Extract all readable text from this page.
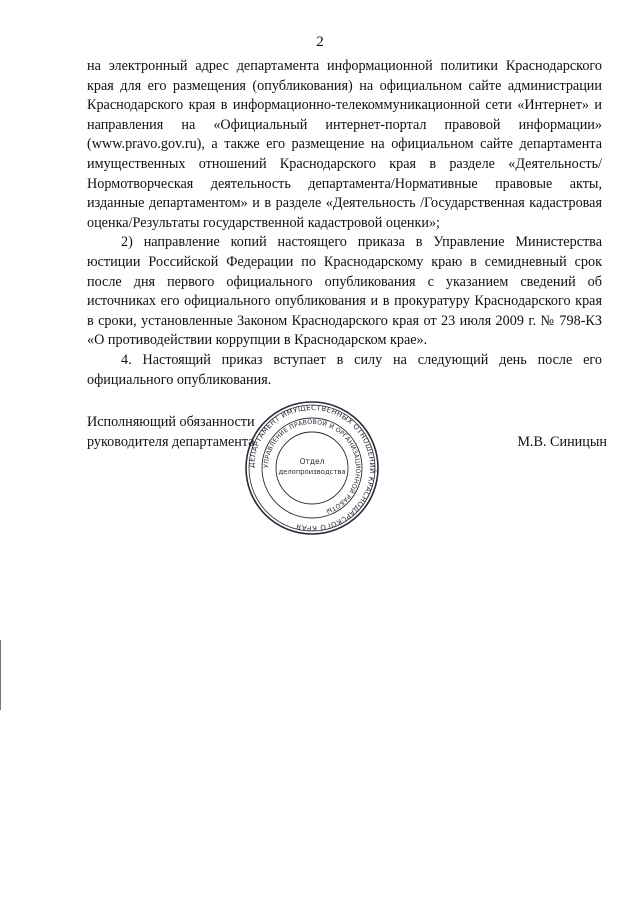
2

на электронный адрес департамента информационной политики Краснодарского края для его размещения (опубликования) на официальном сайте администрации Краснодарского края в информационно-телекоммуникационной сети «Интернет» и направления на «Официальный интернет-портал правовой информации» (www.pravo.gov.ru), а также его размещение на официальном сайте департамента имущественных отношений Краснодарского края в разделе «Деятельность/Нормотворческая деятельность департамента/Нормативные правовые акты, изданные департаментом» и в разделе «Деятельность /Государственная кадастровая оценка/Результаты государственной кадастровой оценки»;

2) направление копий настоящего приказа в Управление Министерства юстиции Российской Федерации по Краснодарскому краю в семидневный срок после дня первого официального опубликования с указанием сведений об источниках его официального опубликования и в прокуратуру Краснодарского края в сроки, установленные Законом Краснодарского края от 23 июля 2009 г. № 798-КЗ «О противодействии коррупции в Краснодарском крае».

4. Настоящий приказ вступает в силу на следующий день после его официального опубликования.

Исполняющий обязанности
руководителя департамента	М.В. Синицын
ДЕПАРТАМЕНТ ИМУЩЕСТВЕННЫХ ОТНОШЕНИЙ КРАСНОДАРСКОГО КРАЯ
УПРАВЛЕНИЕ ПРАВОВОЙ И ОРГАНИЗАЦИОННОЙ РАБОТЫ
Отдел
делопроизводства
